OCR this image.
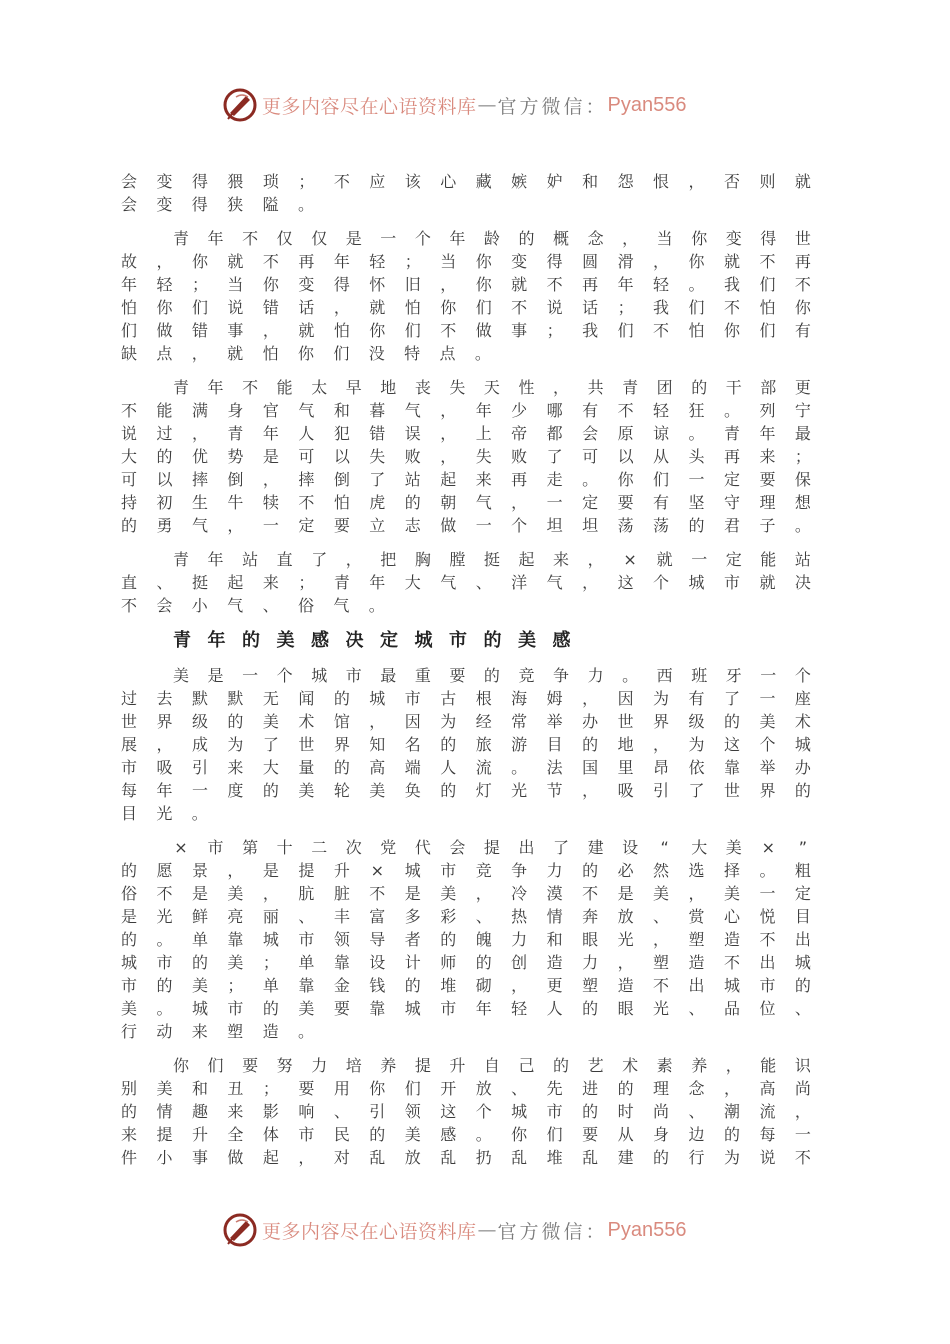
更多内容尽在心语资料库 — 官方微信： Pyan556
会 变 得 猥 琐 ； 不 应 该 心 藏 嫉 妒 和 怨 恨 ， 否 则 就
会 变 得 狭 隘 。
青 年 不 仅 仅 是 一 个 年 龄 的 概 念 ， 当 你 变 得 世
故 ， 你 就 不 再 年 轻 ； 当 你 变 得 圆 滑 ， 你 就 不 再
年 轻 ； 当 你 变 得 怀 旧 ， 你 就 不 再 年 轻 。 我 们 不
怕 你 们 说 错 话 ， 就 怕 你 们 不 说 话 ； 我 们 不 怕 你
们 做 错 事 ， 就 怕 你 们 不 做 事 ； 我 们 不 怕 你 们 有
缺 点 ， 就 怕 你 们 没 特 点 。
青 年 不 能 太 早 地 丧 失 天 性 ， 共 青 团 的 干 部 更
不 能 满 身 官 气 和 暮 气 ， 年 少 哪 有 不 轻 狂 。 列 宁
说 过 ， 青 年 人 犯 错 误 ， 上 帝 都 会 原 谅 。 青 年 最
大 的 优 势 是 可 以 失 败 ， 失 败 了 可 以 从 头 再 来 ；
可 以 摔 倒 ， 摔 倒 了 站 起 来 再 走 。 你 们 一 定 要 保
持 初 生 牛 犊 不 怕 虎 的 朝 气 ， 一 定 要 有 坚 守 理 想
的 勇 气 ， 一 定 要 立 志 做 一 个 坦 坦 荡 荡 的 君 子 。
青 年 站 直 了 ， 把 胸 膛 挺 起 来 ， × 就 一 定 能 站
直 、 挺 起 来 ； 青 年 大 气 、 洋 气 ， 这 个 城 市 就 决
不 会 小 气 、 俗 气 。
青 年 的 美 感 决 定 城 市 的 美 感
美 是 一 个 城 市 最 重 要 的 竞 争 力 。 西 班 牙 一 个
过 去 默 默 无 闻 的 城 市 古 根 海 姆 ， 因 为 有 了 一 座
世 界 级 的 美 术 馆 ， 因 为 经 常 举 办 世 界 级 的 美 术
展 ， 成 为 了 世 界 知 名 的 旅 游 目 的 地 ， 为 这 个 城
市 吸 引 来 大 量 的 高 端 人 流 。 法 国 里 昂 依 靠 举 办
每 年 一 度 的 美 轮 美 奂 的 灯 光 节 ， 吸 引 了 世 界 的
目 光 。
× 市 第 十 二 次 党 代 会 提 出 了 建 设 “ 大 美 × ”
的 愿 景 ， 是 提 升 × 城 市 竞 争 力 的 必 然 选 择 。 粗
俗 不 是 美 ， 肮 脏 不 是 美 ， 冷 漠 不 是 美 ， 美 一 定
是 光 鲜 亮 丽 、 丰 富 多 彩 、 热 情 奔 放 、 赏 心 悦 目
的 。 单 靠 城 市 领 导 者 的 魄 力 和 眼 光 ， 塑 造 不 出
城 市 的 美 ； 单 靠 设 计 师 的 创 造 力 ， 塑 造 不 出 城
市 的 美 ； 单 靠 金 钱 的 堆 砌 ， 更 塑 造 不 出 城 市 的
美 。 城 市 的 美 要 靠 城 市 年 轻 人 的 眼 光 、 品 位 、
行 动 来 塑 造 。
你 们 要 努 力 培 养 提 升 自 己 的 艺 术 素 养 ， 能 识
别 美 和 丑 ； 要 用 你 们 开 放 、 先 进 的 理 念 ， 高 尚
的 情 趣 来 影 响 、 引 领 这 个 城 市 的 时 尚 、 潮 流 ，
来 提 升 全 体 市 民 的 美 感 。 你 们 要 从 身 边 的 每 一
件 小 事 做 起 ， 对 乱 放 乱 扔 乱 堆 乱 建 的 行 为 说 不
更多内容尽在心语资料库 — 官方微信： Pyan556
